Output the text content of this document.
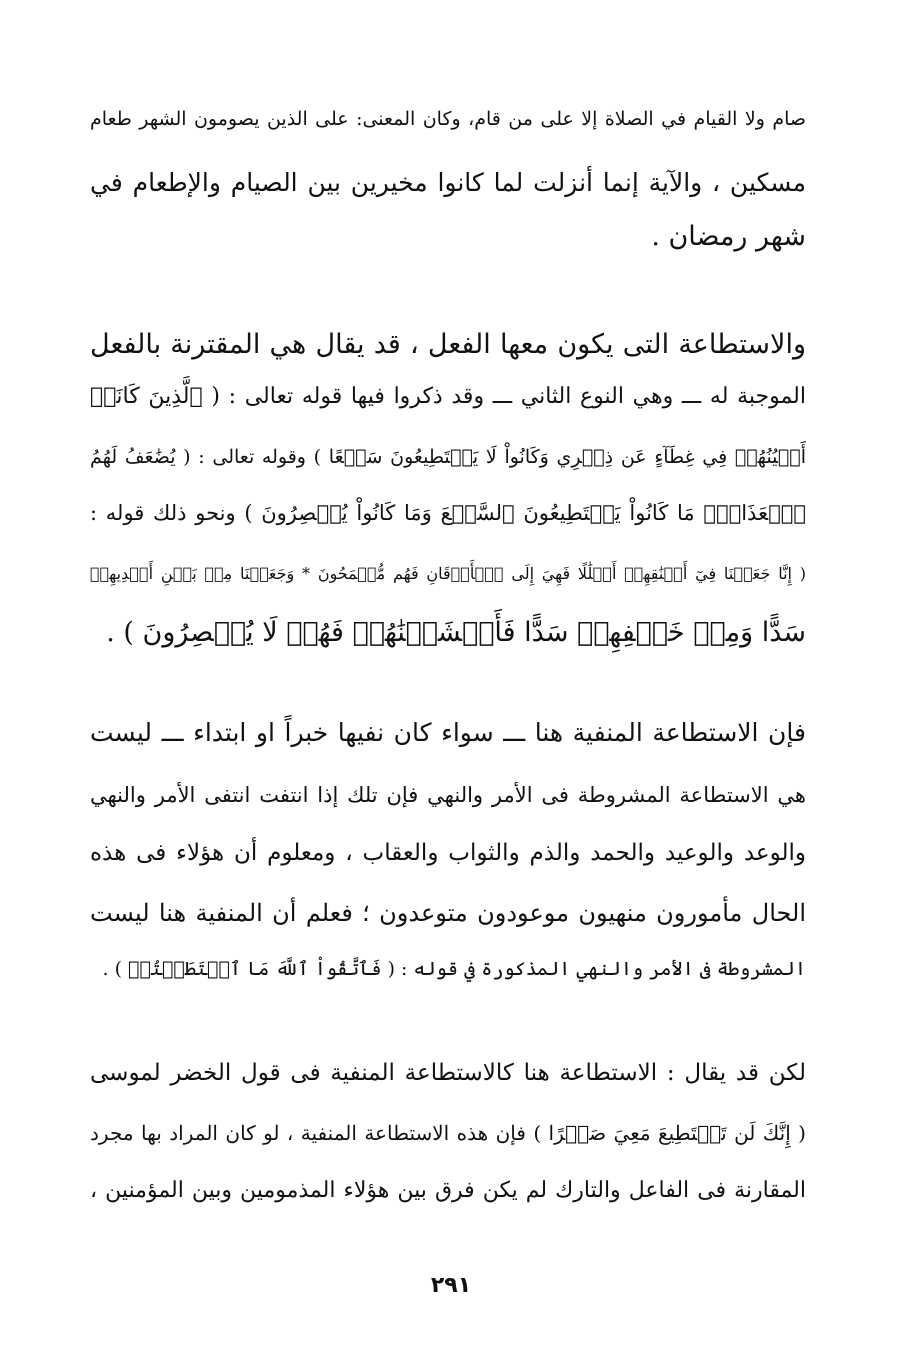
صام ولا القيام في الصلاة إلا على من قام، وكان المعنى: على الذين يصومون الشهر طعام
مسكين ، والآية إنما أنزلت لما كانوا مخيرين بين الصيام والإطعام في
شهر رمضان .
والاستطاعة التى يكون معها الفعل ، قد يقال هي المقترنة بالفعل
الموجبة له ـــ وهي النوع الثاني ـــ وقد ذكروا فيها قوله تعالى : ( ٱلَّذِينَ كَانَتۡ
أَعۡيُنُهُمۡ فِي غِطَآءٍ عَن ذِكۡرِي وَكَانُواْ لَا يَسۡتَطِيعُونَ سَمۡعًا ) وقوله تعالى : ( يُضَٰعَفُ لَهُمُ
ٱلۡعَذَابُۚ مَا كَانُواْ يَسۡتَطِيعُونَ ٱلسَّمۡعَ وَمَا كَانُواْ يُبۡصِرُونَ ) ونحو ذلك قوله :
( إِنَّا جَعَلۡنَا فِيٓ أَعۡنَٰقِهِمۡ أَغۡلَٰلًا فَهِيَ إِلَى ٱلۡأَذۡقَانِ فَهُم مُّقۡمَحُونَ * وَجَعَلۡنَا مِنۢ بَيۡنِ أَيۡدِيهِمۡ
سَدًّا وَمِنۡ خَلۡفِهِمۡ سَدًّا فَأَغۡشَيۡنَٰهُمۡ فَهُمۡ لَا يُبۡصِرُونَ ) .
فإن الاستطاعة المنفية هنا ـــ سواء كان نفيها خبراً او ابتداء ـــ ليست
هي الاستطاعة المشروطة فى الأمر والنهي فإن تلك إذا انتفت انتفى الأمر والنهي
والوعد والوعيد والحمد والذم والثواب والعقاب ، ومعلوم أن هؤلاء فى هذه
الحال مأمورون منهيون موعودون متوعدون ؛ فعلم أن المنفية هنا ليست
المشروطة فى الأمر والنهي المذكورة في قوله : ( فَٱتَّقُواْ ٱللَّهَ مَا ٱسۡتَطَعۡتُمۡ ) .
لكن قد يقال : الاستطاعة هنا كالاستطاعة المنفية فى قول الخضر لموسى
( إِنَّكَ لَن تَسۡتَطِيعَ مَعِيَ صَبۡرًا ) فإن هذه الاستطاعة المنفية ، لو كان المراد بها مجرد
المقارنة فى الفاعل والتارك لم يكن فرق بين هؤلاء المذمومين وبين المؤمنين ،
٢٩١
